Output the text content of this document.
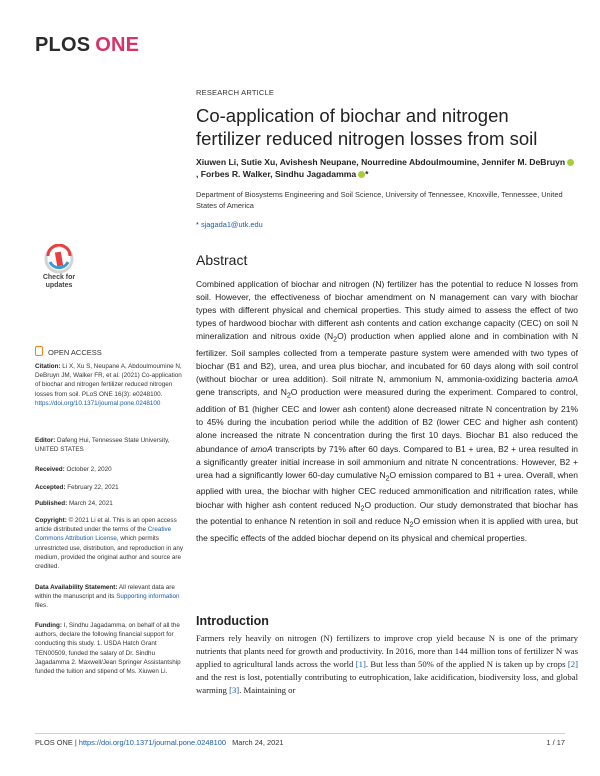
PLOS ONE
RESEARCH ARTICLE
Co-application of biochar and nitrogen fertilizer reduced nitrogen losses from soil
Xiuwen Li, Sutie Xu, Avishesh Neupane, Nourredine Abdoulmoumine, Jennifer M. DeBruyn, Forbes R. Walker, Sindhu Jagadamma *
Department of Biosystems Engineering and Soil Science, University of Tennessee, Knoxville, Tennessee, United States of America
* sjagada1@utk.edu
Check for
updates
OPEN ACCESS
Citation: Li X, Xu S, Neupane A, Abdoulmoumine N, DeBruyn JM, Walker FR, et al. (2021) Co-application of biochar and nitrogen fertilizer reduced nitrogen losses from soil. PLoS ONE 16(3): e0248100. https://doi.org/10.1371/journal.pone.0248100
Editor: Dafeng Hui, Tennessee State University, UNITED STATES
Received: October 2, 2020
Accepted: February 22, 2021
Published: March 24, 2021
Copyright: © 2021 Li et al. This is an open access article distributed under the terms of the Creative Commons Attribution License, which permits unrestricted use, distribution, and reproduction in any medium, provided the original author and source are credited.
Data Availability Statement: All relevant data are within the manuscript and its Supporting information files.
Funding: I, Sindhu Jagadamma, on behalf of all the authors, declare the following financial support for conducting this study. 1. USDA Hatch Grant TEN00509, funded the salary of Dr. Sindhu Jagadamma 2. Maxwell/Jean Springer Assistantship funded the tuition and stipend of Ms. Xiuwen Li.
Abstract
Combined application of biochar and nitrogen (N) fertilizer has the potential to reduce N losses from soil. However, the effectiveness of biochar amendment on N management can vary with biochar types with different physical and chemical properties. This study aimed to assess the effect of two types of hardwood biochar with different ash contents and cation exchange capacity (CEC) on soil N mineralization and nitrous oxide $(N_2O)$ production when applied alone and in combination with N fertilizer. Soil samples collected from a temperate pasture system were amended with two types of biochar (B1 and B2), urea, and urea plus biochar, and incubated for 60 days along with soil control (without biochar or urea addition). Soil nitrate N, ammonium N, ammonia-oxidizing bacteria amoA gene transcripts, and $N_2O$ production were measured during the experiment. Compared to control, addition of B1 (higher CEC and lower ash content) alone decreased nitrate N concentration by 21% to 45% during the incubation period while the addition of B2 (lower CEC and higher ash content) alone increased the nitrate N concentration during the first 10 days. Biochar B1 also reduced the abundance of amoA transcripts by 71% after 60 days. Compared to B1 + urea, B2 + urea resulted in a significantly greater initial increase in soil ammonium and nitrate N concentrations. However, B2 + urea had a significantly lower 60-day cumulative $N_2O$ emission compared to B1 + urea. Overall, when applied with urea, the biochar with higher CEC reduced ammonification and nitrification rates, while biochar with higher ash content reduced $N_2O$ production. Our study demonstrated that biochar has the potential to enhance N retention in soil and reduce $N_2O$ emission when it is applied with urea, but the specific effects of the added biochar depend on its physical and chemical properties.
Introduction
Farmers rely heavily on nitrogen (N) fertilizers to improve crop yield because N is one of the primary nutrients that plants need for growth and productivity. In 2016, more than 144 million tons of fertilizer N was applied to agricultural lands across the world [1]. But less than 50% of the applied N is taken up by crops [2] and the rest is lost, potentially contributing to eutrophication, lake acidification, biodiversity loss, and global warming [3]. Maintaining or
PLOS ONE | https://doi.org/10.1371/journal.pone.0248100 March 24, 2021	1 / 17
